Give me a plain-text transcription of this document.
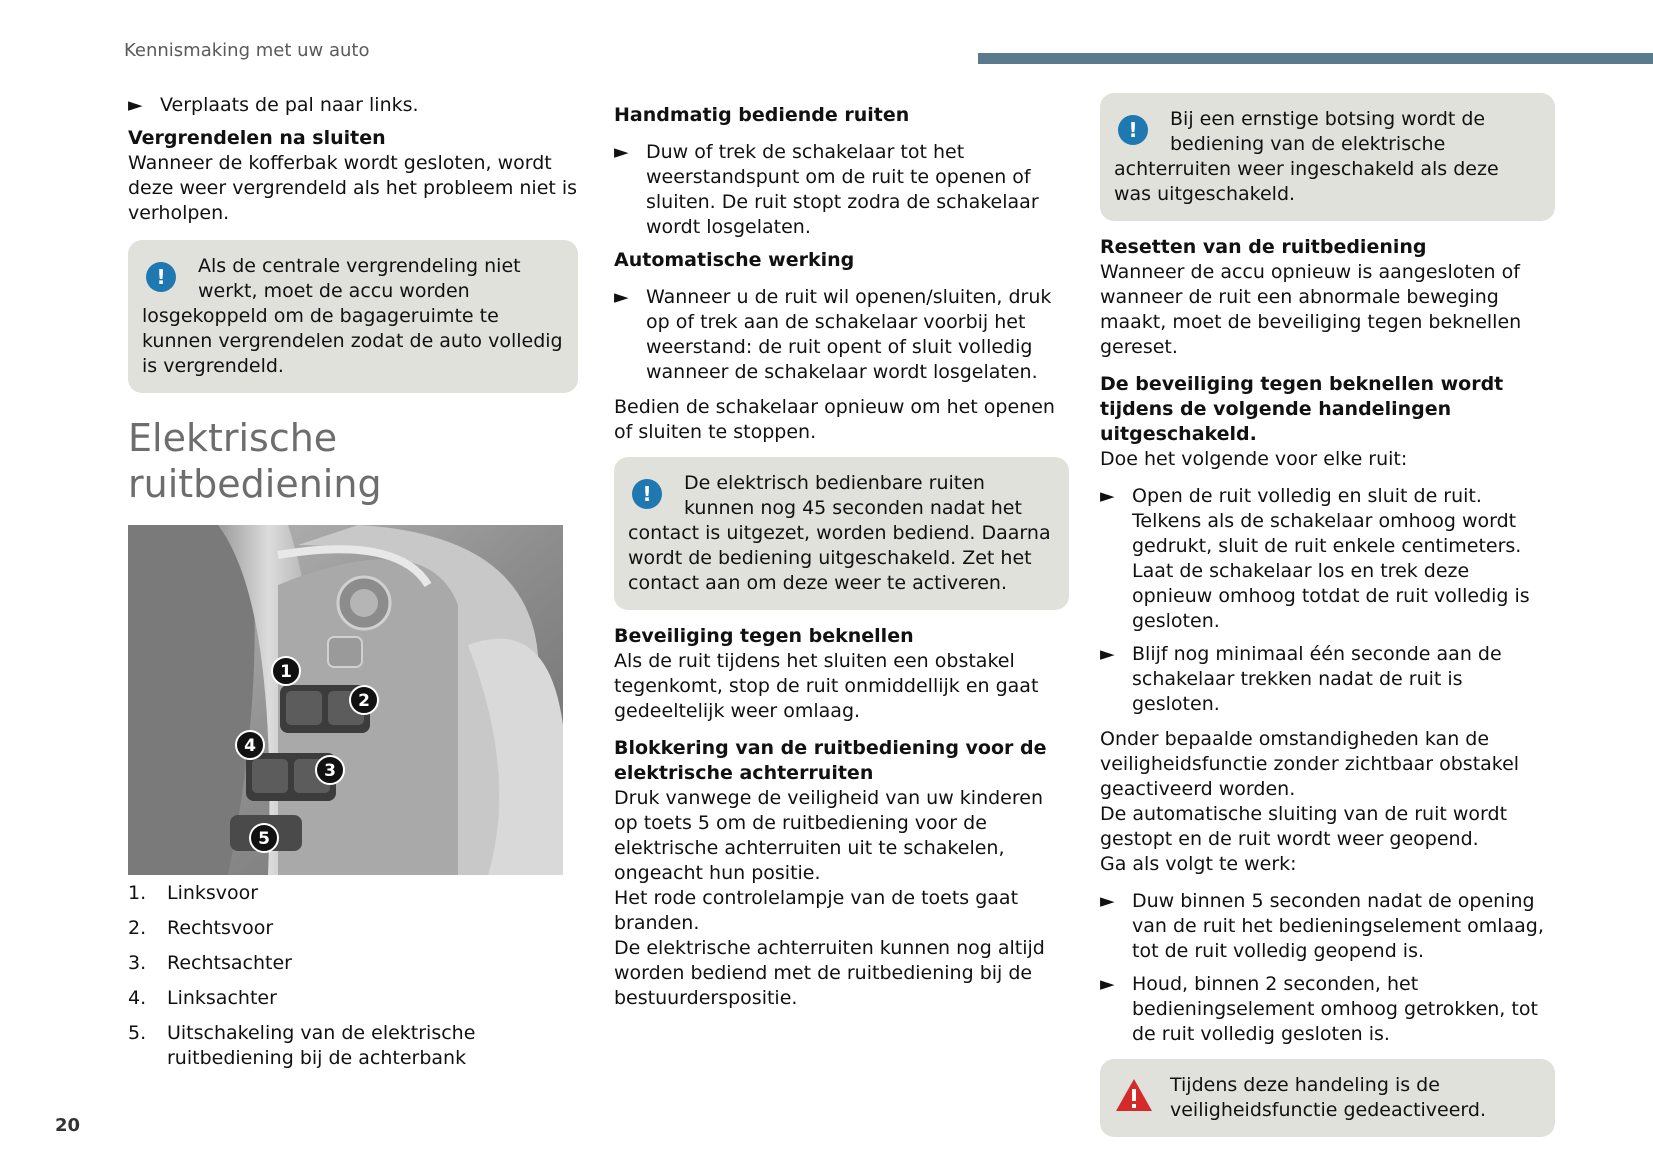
Kennismaking met uw auto
► Verplaats de pal naar links.

Vergrendelen na sluiten

Wanneer de kofferbak wordt gesloten, wordt deze weer vergrendeld als het probleem niet is verholpen.

!	Als de centrale vergrendeling niet werkt, moet de accu worden

losgekoppeld om de bagageruimte te kunnen vergrendelen zodat de auto volledig is vergrendeld.

Elektrische ruitbediening
1
2
3
4
5
1.	Linksvoor
2.	Rechtsvoor
3.	Rechtsachter
4.	Linksachter
5.	Uitschakeling van de elektrische ruitbediening bij de achterbank

Handmatig bediende ruiten

► Duw of trek de schakelaar tot het weerstandspunt om de ruit te openen of sluiten. De ruit stopt zodra de schakelaar wordt losgelaten.

Automatische werking

► Wanneer u de ruit wil openen/sluiten, druk op of trek aan de schakelaar voorbij het weerstand: de ruit opent of sluit volledig wanneer de schakelaar wordt losgelaten.

Bedien de schakelaar opnieuw om het openen of sluiten te stoppen.

!	De elektrisch bedienbare ruiten kunnen nog 45 seconden nadat het

contact is uitgezet, worden bediend. Daarna wordt de bediening uitgeschakeld. Zet het contact aan om deze weer te activeren.

Beveiliging tegen beknellen

Als de ruit tijdens het sluiten een obstakel tegenkomt, stop de ruit onmiddellijk en gaat gedeeltelijk weer omlaag.

Blokkering van de ruitbediening voor de elektrische achterruiten

Druk vanwege de veiligheid van uw kinderen op toets 5 om de ruitbediening voor de elektrische achterruiten uit te schakelen, ongeacht hun positie.

Het rode controlelampje van de toets gaat branden.

De elektrische achterruiten kunnen nog altijd worden bediend met de ruitbediening bij de bestuurderspositie.

!	Bij een ernstige botsing wordt de bediening van de elektrische

achterruiten weer ingeschakeld als deze was uitgeschakeld.

Resetten van de ruitbediening

Wanneer de accu opnieuw is aangesloten of wanneer de ruit een abnormale beweging maakt, moet de beveiliging tegen beknellen gereset.

De beveiliging tegen beknellen wordt tijdens de volgende handelingen uitgeschakeld.

Doe het volgende voor elke ruit:

► Open de ruit volledig en sluit de ruit. Telkens als de schakelaar omhoog wordt gedrukt, sluit de ruit enkele centimeters. Laat de schakelaar los en trek deze opnieuw omhoog totdat de ruit volledig is gesloten.
► Blijf nog minimaal één seconde aan de schakelaar trekken nadat de ruit is gesloten.

Onder bepaalde omstandigheden kan de veiligheidsfunctie zonder zichtbaar obstakel geactiveerd worden.

De automatische sluiting van de ruit wordt gestopt en de ruit wordt weer geopend.

Ga als volgt te werk:

► Duw binnen 5 seconden nadat de opening van de ruit het bedieningselement omlaag, tot de ruit volledig geopend is.
► Houd, binnen 2 seconden, het bedieningselement omhoog getrokken, tot de ruit volledig gesloten is.

Tijdens deze handeling is de veiligheidsfunctie gedeactiveerd.

20
